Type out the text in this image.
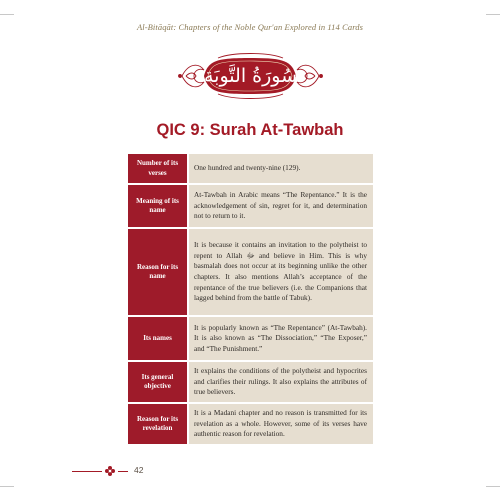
Al-Bitāqāt: Chapters of the Noble Qur'an Explored in 114 Cards
سُورَةُ التَّوبَة
QIC 9: Surah At-Tawbah
Number of its verses	One hundred and twenty-nine (129).
Meaning of its name	At-Tawbah in Arabic means “The Repentance.” It is the acknowledgement of sin, regret for it, and determination not to return to it.
Reason for its name	It is because it contains an invitation to the polytheist to repent to Allah ﷻ and believe in Him. This is why basmalah does not occur at its beginning unlike the other chapters. It also mentions Allah’s acceptance of the repentance of the true believers (i.e. the Companions that lagged behind from the battle of Tabuk).
Its names	It is popularly known as “The Repentance” (At-Tawbah). It is also known as “The Dissociation,” “The Exposer,” and “The Punishment.”
Its general objective	It explains the conditions of the polytheist and hypocrites and clarifies their rulings. It also explains the attributes of true believers.
Reason for its revelation	It is a Madani chapter and no reason is transmitted for its revelation as a whole. However, some of its verses have authentic reason for revelation.
42
